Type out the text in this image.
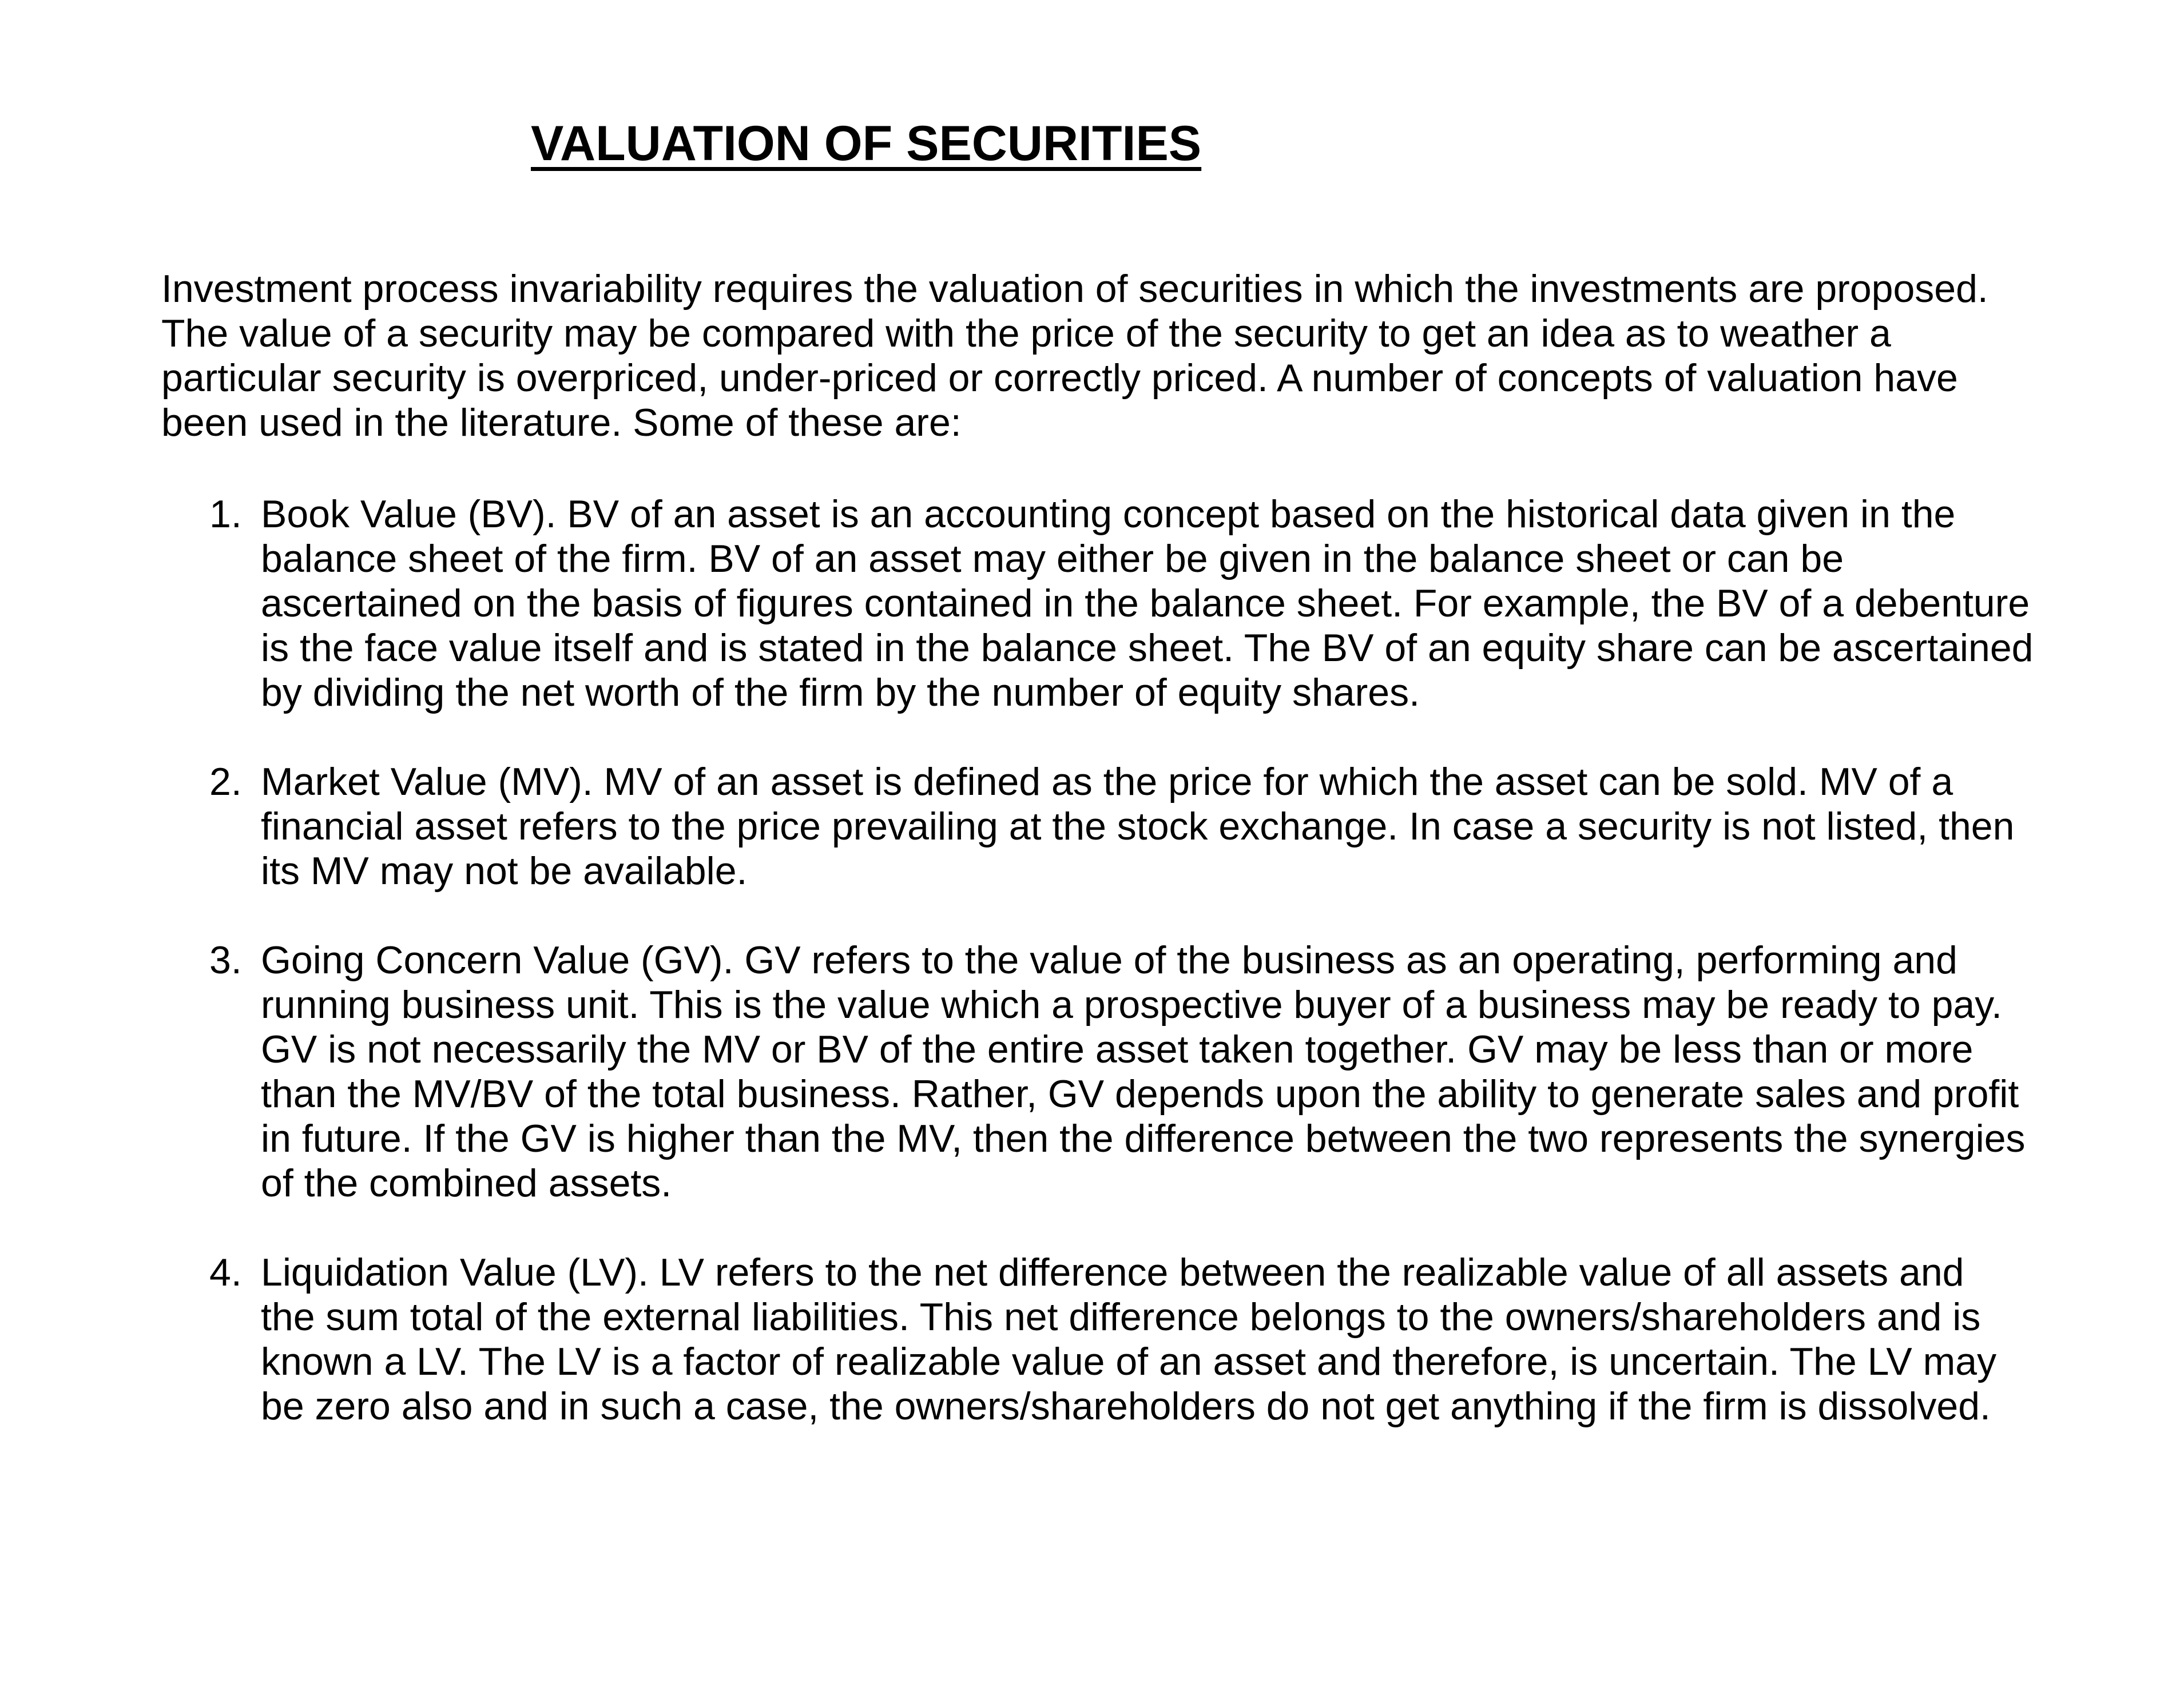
VALUATION OF SECURITIES

Investment process invariability requires the valuation of securities in which the investments are proposed.
The value of a security may be compared with the price of the security to get an idea as to weather a
particular security is overpriced, under-priced or correctly priced. A number of concepts of valuation have
been used in the literature. Some of these are:

1. Book Value (BV). BV of an asset is an accounting concept based on the historical data given in the
balance sheet of the firm. BV of an asset may either be given in the balance sheet or can be
ascertained on the basis of figures contained in the balance sheet. For example, the BV of a debenture
is the face value itself and is stated in the balance sheet. The BV of an equity share can be ascertained
by dividing the net worth of the firm by the number of equity shares.
2. Market Value (MV). MV of an asset is defined as the price for which the asset can be sold. MV of a
financial asset refers to the price prevailing at the stock exchange. In case a security is not listed, then
its MV may not be available.
3. Going Concern Value (GV). GV refers to the value of the business as an operating, performing and
running business unit. This is the value which a prospective buyer of a business may be ready to pay.
GV is not necessarily the MV or BV of the entire asset taken together. GV may be less than or more
than the MV/BV of the total business. Rather, GV depends upon the ability to generate sales and profit
in future. If the GV is higher than the MV, then the difference between the two represents the synergies
of the combined assets.
4. Liquidation Value (LV). LV refers to the net difference between the realizable value of all assets and
the sum total of the external liabilities. This net difference belongs to the owners/shareholders and is
known a LV. The LV is a factor of realizable value of an asset and therefore, is uncertain. The LV may
be zero also and in such a case, the owners/shareholders do not get anything if the firm is dissolved.
